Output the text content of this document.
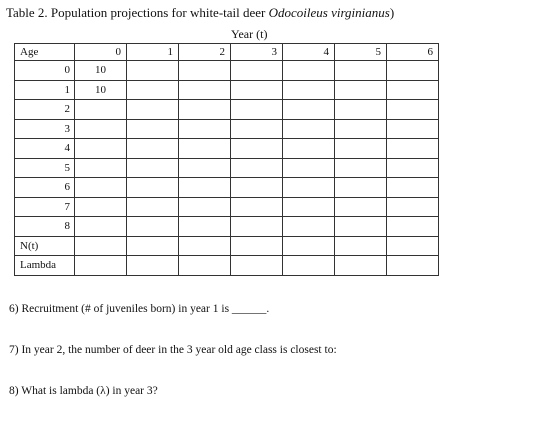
Table 2. Population projections for white-tail deer Odocoileus virginianus)
Year (t)
Age	0	1	2	3	4	5	6
0	10						
1	10						
2							
3							
4							
5							
6							
7							
8							
N(t)							
Lambda							
6) Recruitment (# of juveniles born) in year 1 is ______.
7) In year 2, the number of deer in the 3 year old age class is closest to:
8) What is lambda (λ) in year 3?
